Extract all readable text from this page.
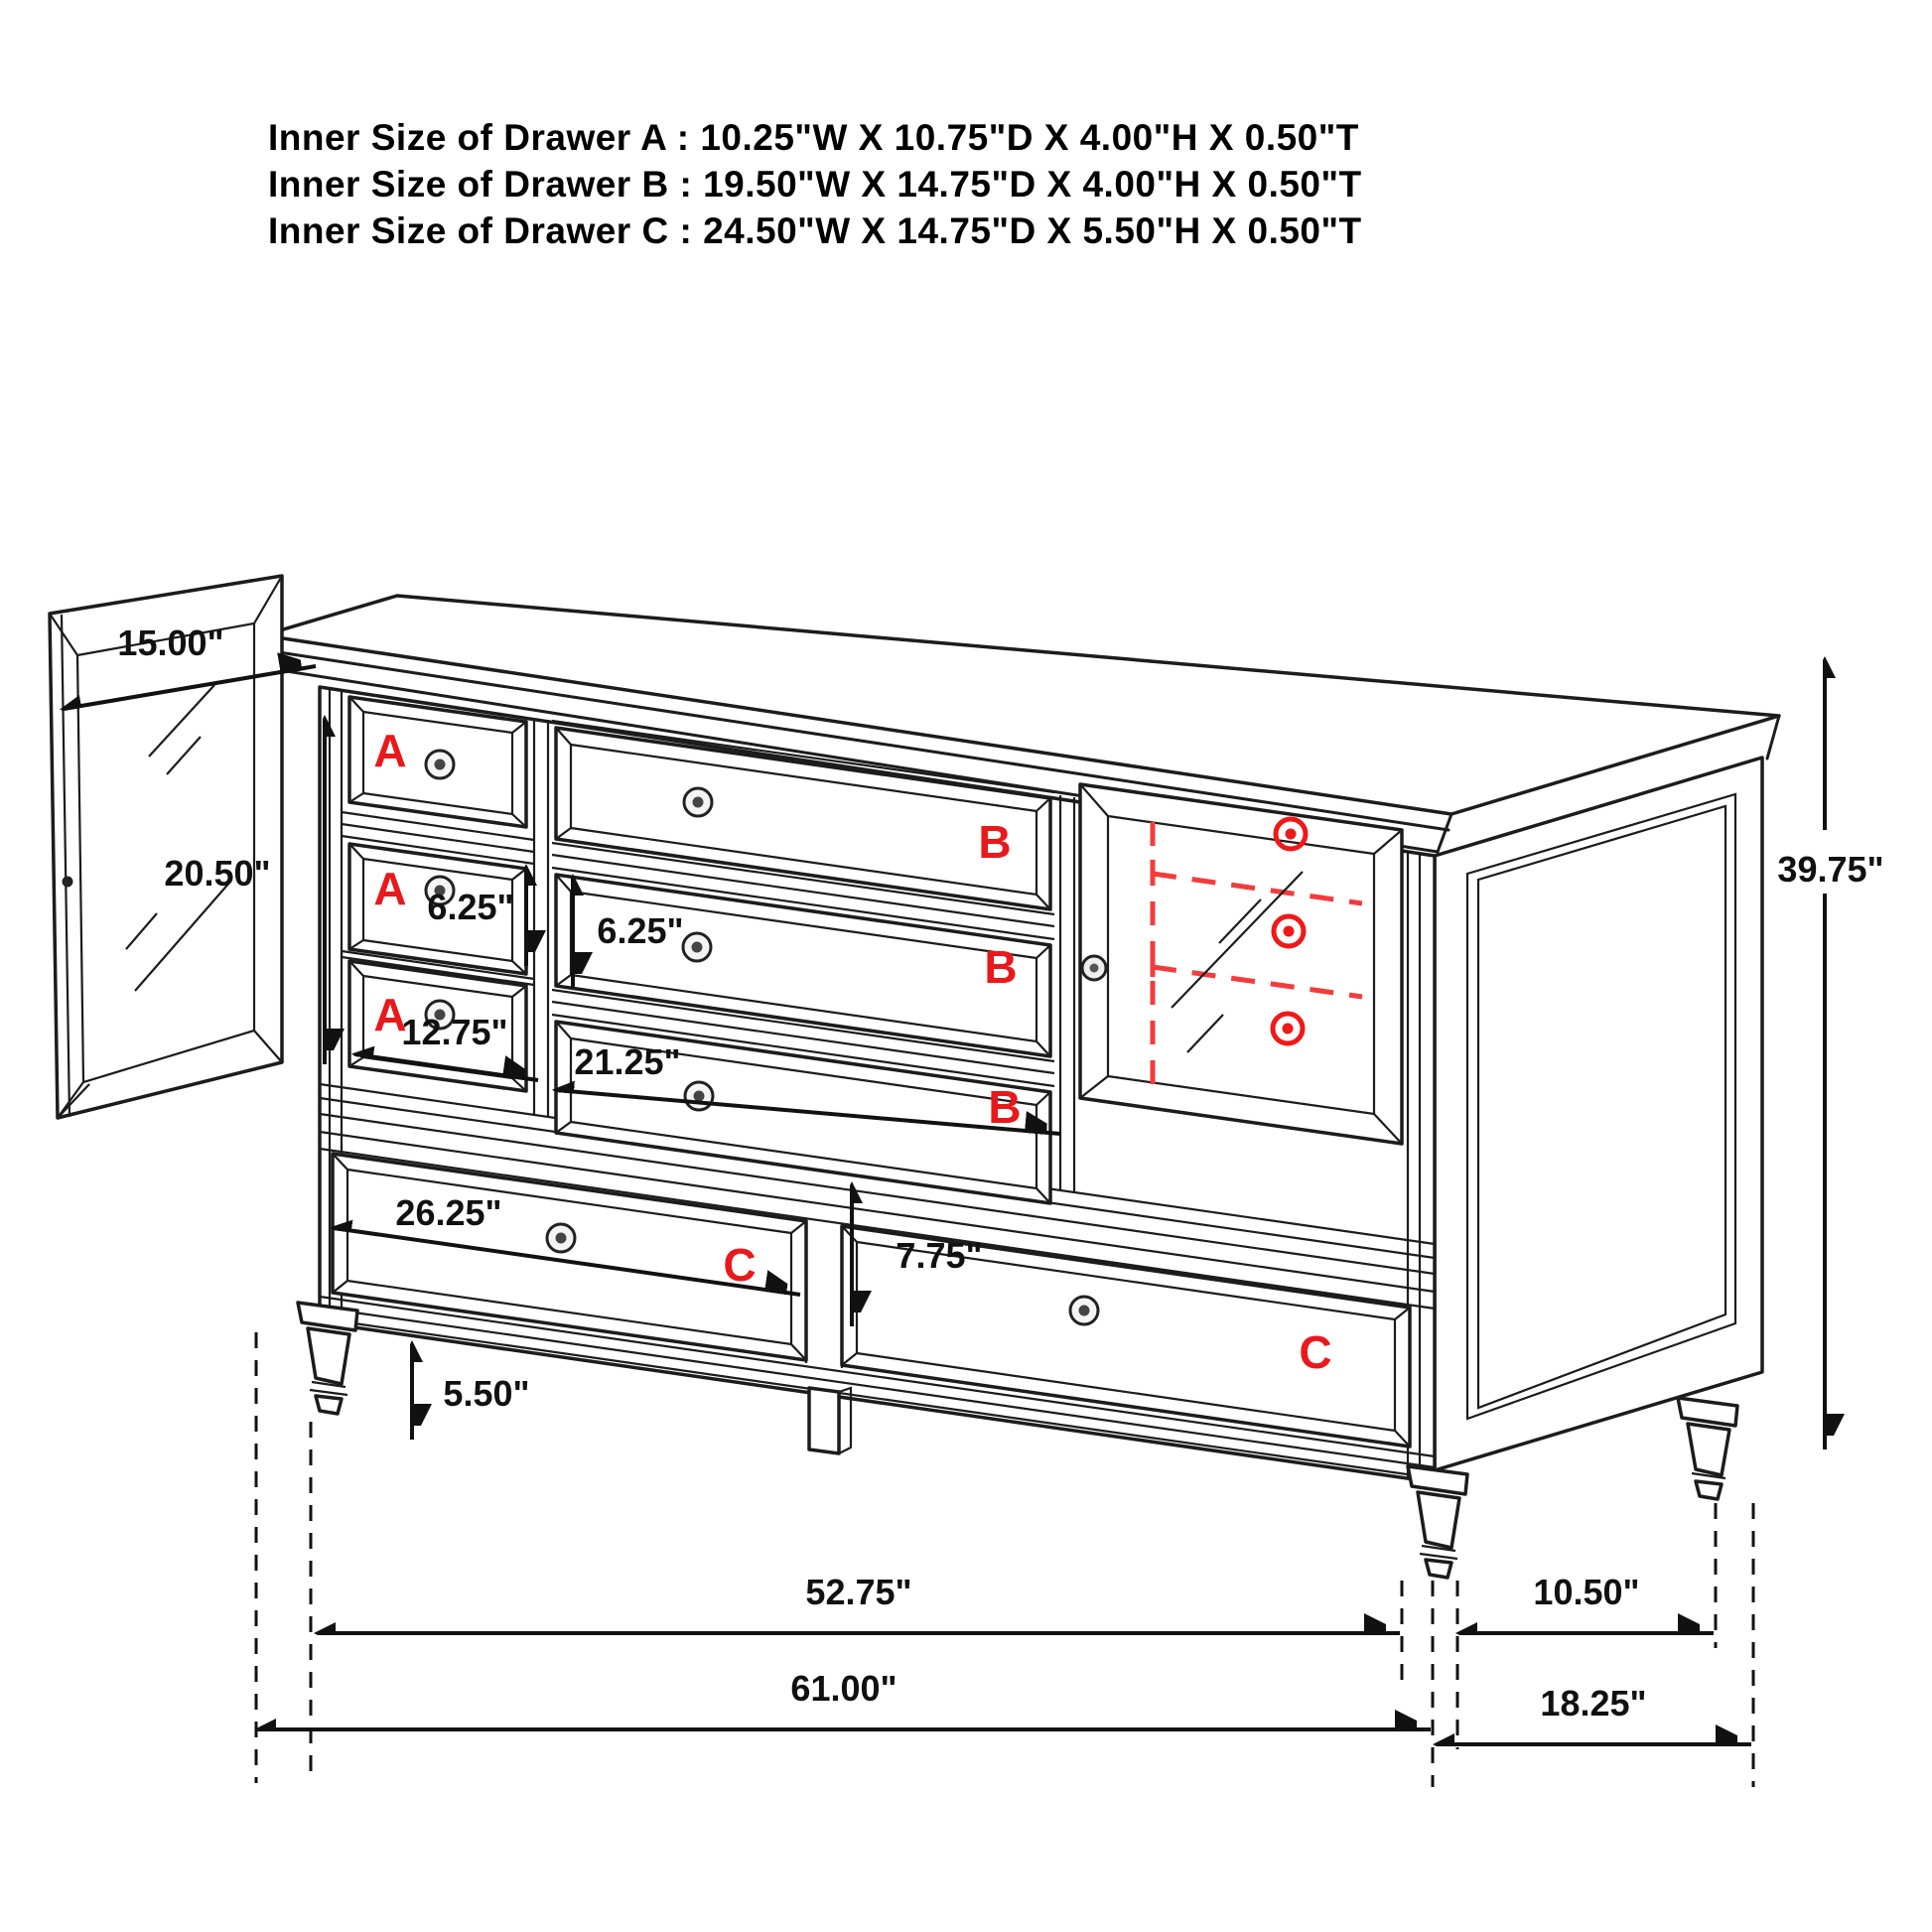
Inner Size of Drawer A : 10.25"W X 10.75"D X 4.00"H X 0.50"T
Inner Size of Drawer B : 19.50"W X 14.75"D X 4.00"H X 0.50"T
Inner Size of Drawer C : 24.50"W X 14.75"D X 5.50"H X 0.50"T
A
A
A
B
B
B
C
C
15.00"
20.50"
6.25"
6.25"
12.75"
21.25"
26.25"
7.75"
5.50"
39.75"
52.75"	10.50"
61.00"	18.25"
